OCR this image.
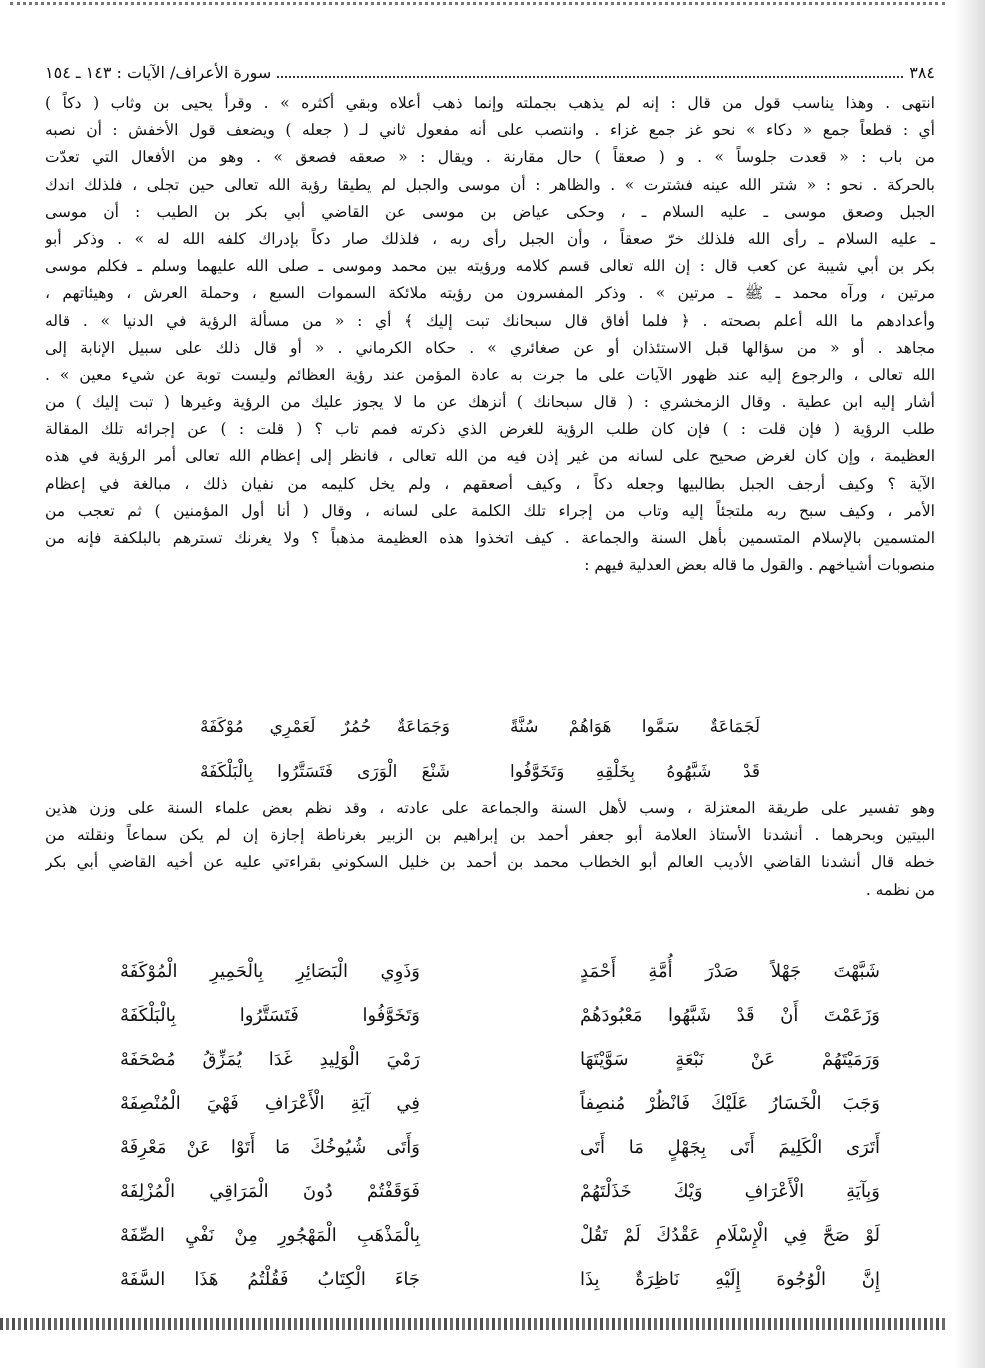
٣٨٤
سورة الأعراف/ الآيات : ١٤٣ ـ ١٥٤
انتهى . وهذا يناسب قول من قال : إنه لم يذهب بجملته وإنما ذهب أعلاه وبقي أكثره » . وقرأ يحيى بن وثاب ( دكاً )
أي : قطعاً جمع « دكاء » نحو غز جمع غزاء . وانتصب على أنه مفعول ثاني لـ ( جعله ) ويضعف قول الأخفش : أن نصبه
من باب : « قعدت جلوساً » . و ( صعقاً ) حال مقارنة . ويقال : « صعقه فصعق » . وهو من الأفعال التي تعدّت
بالحركة . نحو : « شتر الله عينه فشترت » . والظاهر : أن موسى والجبل لم يطيقا رؤية الله تعالى حين تجلى ، فلذلك اندك
الجبل وصعق موسى ـ عليه السلام ـ ، وحكى عياض بن موسى عن القاضي أبي بكر بن الطيب : أن موسى
ـ عليه السلام ـ رأى الله فلذلك خرّ صعقاً ، وأن الجبل رأى ربه ، فلذلك صار دكاً بإدراك كلفه الله له » . وذكر أبو
بكر بن أبي شيبة عن كعب قال : إن الله تعالى قسم كلامه ورؤيته بين محمد وموسى ـ صلى الله عليهما وسلم ـ فكلم موسى
مرتين ، ورآه محمد ـ ﷺ ـ مرتين » . وذكر المفسرون من رؤيته ملائكة السموات السبع ، وحملة العرش ، وهيئاتهم ،
وأعدادهم ما الله أعلم بصحته . ﴿ فلما أفاق قال سبحانك تبت إليك ﴾ أي : « من مسألة الرؤية في الدنيا » . قاله
مجاهد . أو « من سؤالها قبل الاستئذان أو عن صغائري » . حكاه الكرماني . « أو قال ذلك على سبيل الإنابة إلى
الله تعالى ، والرجوع إليه عند ظهور الآيات على ما جرت به عادة المؤمن عند رؤية العظائم وليست توبة عن شيء معين » .
أشار إليه ابن عطية . وقال الزمخشري : ( قال سبحانك ) أنزهك عن ما لا يجوز عليك من الرؤية وغيرها ( تبت إليك ) من
طلب الرؤية ( فإن قلت : ) فإن كان طلب الرؤية للغرض الذي ذكرته فمم تاب ؟ ( قلت : ) عن إجرائه تلك المقالة
العظيمة ، وإن كان لغرض صحيح على لسانه من غير إذن فيه من الله تعالى ، فانظر إلى إعظام الله تعالى أمر الرؤية في هذه
الآية ؟ وكيف أرجف الجبل بطالبيها وجعله دكاً ، وكيف أصعقهم ، ولم يخل كليمه من نفيان ذلك ، مبالغة في إعظام
الأمر ، وكيف سبح ربه ملتجئاً إليه وتاب من إجراء تلك الكلمة على لسانه ، وقال ( أنا أول المؤمنين ) ثم تعجب من
المتسمين بالإسلام المتسمين بأهل السنة والجماعة . كيف اتخذوا هذه العظيمة مذهباً ؟ ولا يغرنك تسترهم بالبلكفة فإنه من
منصوبات أشياخهم . والقول ما قاله بعض العدلية فيهم :
لَجَمَاعَةٌ سَمَّوا هَوَاهُمْ سُنَّةً
وَجَمَاعَةٌ حُمُرٌ لَعَمْرِي مُوْكَفَهْ
قَدْ شَبَّهُوهُ بِخَلْقِهِ وَتَخَوَّفُوا
شَنْعَ الْوَرَى فَتَسَتَّرُوا بِالْبَلْكَفَهْ
وهو تفسير على طريقة المعتزلة ، وسب لأهل السنة والجماعة على عادته ، وقد نظم بعض علماء السنة على وزن هذين
البيتين وبحرهما . أنشدنا الأستاذ العلامة أبو جعفر أحمد بن إبراهيم بن الزبير بغرناطة إجازة إن لم يكن سماعاً ونقلته من
خطه قال أنشدنا القاضي الأديب العالم أبو الخطاب محمد بن أحمد بن خليل السكوني بقراءتي عليه عن أخيه القاضي أبي بكر
من نظمه .
شَبَّهْتَ جَهْلاً صَدْرَ أُمَّةِ أَحْمَدٍ
وَذَوِي الْبَصَائِرِ بِالْحَمِيرِ الْمُوْكَفَهْ
وَزَعَمْتَ أَنْ قَدْ شَبَّهُوا مَعْبُودَهُمْ
وَتَخَوَّفُوا فَتَسَتَّرُوا بِالْبَلْكَفَهْ
وَرَمَيْتَهُمْ عَنْ نَبْعَةٍ سَوَّيْتَهَا
رَمْيَ الْوَلِيدِ غَدَا يُمَزِّقُ مُصْحَفَهْ
وَجَبَ الْخَسَارُ عَلَيْكَ فَانْظُرْ مُنصِفاً
فِي آيَةِ الْأَعْرَافِ فَهْيَ الْمُنْصِفَهْ
أَتَرَى الْكَلِيمَ أَتَى بِجَهْلٍ مَا أَتَى
وَأَتَى شُيُوخُكَ مَا أَتَوْا عَنْ مَعْرِفَهْ
وَبِآيَةِ الْأَعْرَافِ وَيْكَ خَذَلْتَهُمْ
فَوَقَفْتُمْ دُونَ الْمَرَاقِي الْمُزْلِفَهْ
لَوْ صَحَّ فِي الْإِسْلَامِ عَقْدُكَ لَمْ تَقُلْ
بِالْمَذْهَبِ الْمَهْجُورِ مِنْ نَفْيِ الصِّفَهْ
إِنَّ الْوُجُوهَ إِلَيْهِ نَاظِرَةٌ بِذَا
جَاءَ الْكِتَابُ فَقُلْتُمُ هَذَا السَّفَهْ
